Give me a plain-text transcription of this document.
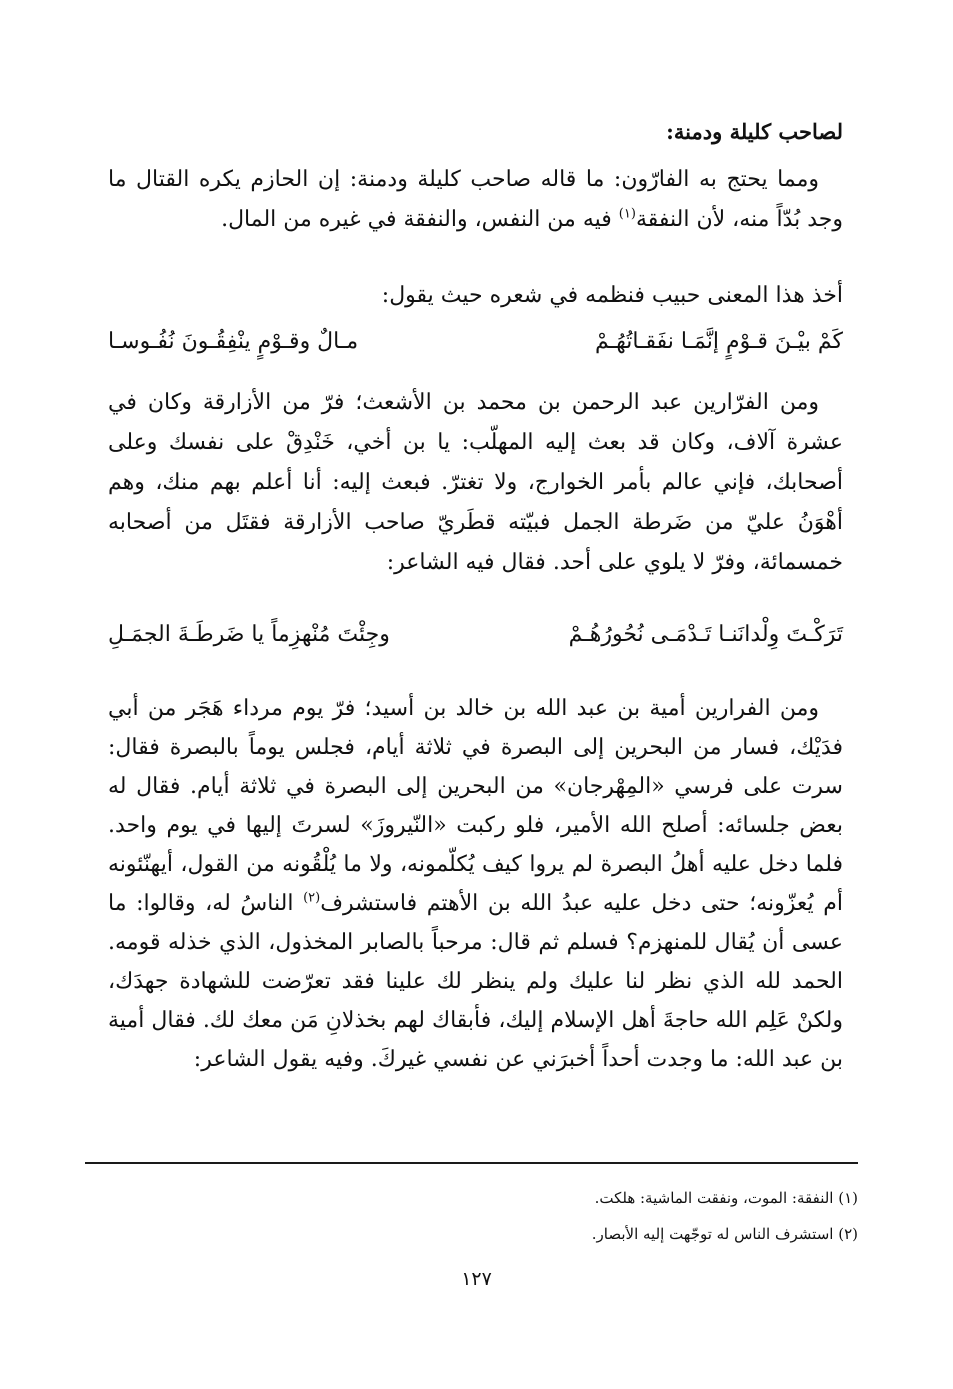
لصاحب كليلة ودمنة:

ومما يحتج به الفارّون: ما قاله صاحب كليلة ودمنة: إن الحازم يكره القتال ما وجد بُدّاً منه، لأن النفقة$^{(١)}$ فيه من النفس، والنفقة في غيره من المال.

أخذ هذا المعنى حبيب فنظمه في شعره حيث يقول:

كَمْ بيْـنَ قـوْمٍ إنَّمَـا نفَقـاتُهُـمْ
مـالٌ وقـوْمٍ ينْفِقُـونَ نُفُـوسـا

ومن الفرّارين عبد الرحمن بن محمد بن الأشعث؛ فرّ من الأزارقة وكان في عشرة آلاف، وكان قد بعث إليه المهلّب: يا بن أخي، خَنْدِقْ على نفسك وعلى أصحابك، فإني عالم بأمر الخوارج، ولا تغترّ. فبعث إليه: أنا أعلم بهم منك، وهم أهْوَنُ عليّ من ضَرطة الجمل فبيّته قطَريّ صاحب الأزارقة فقتَل من أصحابه خمسمائة، وفرّ لا يلوي على أحد. فقال فيه الشاعر:

تَرَكْـتَ وِلْدانَنـا تَـدْمَـى نُحُورُهُـمْ
وجِئْتَ مُنْهزِماً يا ضَرطَـةَ الجمَـلِ

ومن الفرارين أمية بن عبد الله بن خالد بن أسيد؛ فرّ يوم مرداء هَجَر من أبي فدَيْك، فسار من البحرين إلى البصرة في ثلاثة أيام، فجلس يوماً بالبصرة فقال: سرت على فرسي «المِهْرجان» من البحرين إلى البصرة في ثلاثة أيام. فقال له بعض جلسائه: أصلح الله الأمير، فلو ركبت «النّيروزَ» لسرتَ إليها في يوم واحد. فلما دخل عليه أهلُ البصرة لم يروا كيف يُكلّمونه، ولا ما يُلْقُونه من القول، أيهنّئونه أم يُعزّونه؛ حتى دخل عليه عبدُ الله بن الأهتم فاستشرف$^{(٢)}$ الناسُ له، وقالوا: ما عسى أن يُقال للمنهزم؟ فسلم ثم قال: مرحباً بالصابر المخذول، الذي خذله قومه. الحمد لله الذي نظر لنا عليك ولم ينظر لك علينا فقد تعرّضت للشهادة جهدَك، ولكنْ عَلِم الله حاجةَ أهل الإسلام إليك، فأبقاك لهم بخذلانِ مَن معك لك. فقال أمية بن عبد الله: ما وجدت أحداً أخبرَني عن نفسي غيركَ. وفيه يقول الشاعر:

(١) النفقة: الموت، ونفقت الماشية: هلكت.
(٢) استشرف الناس له توجّهت إليه الأبصار.
١٢٧
